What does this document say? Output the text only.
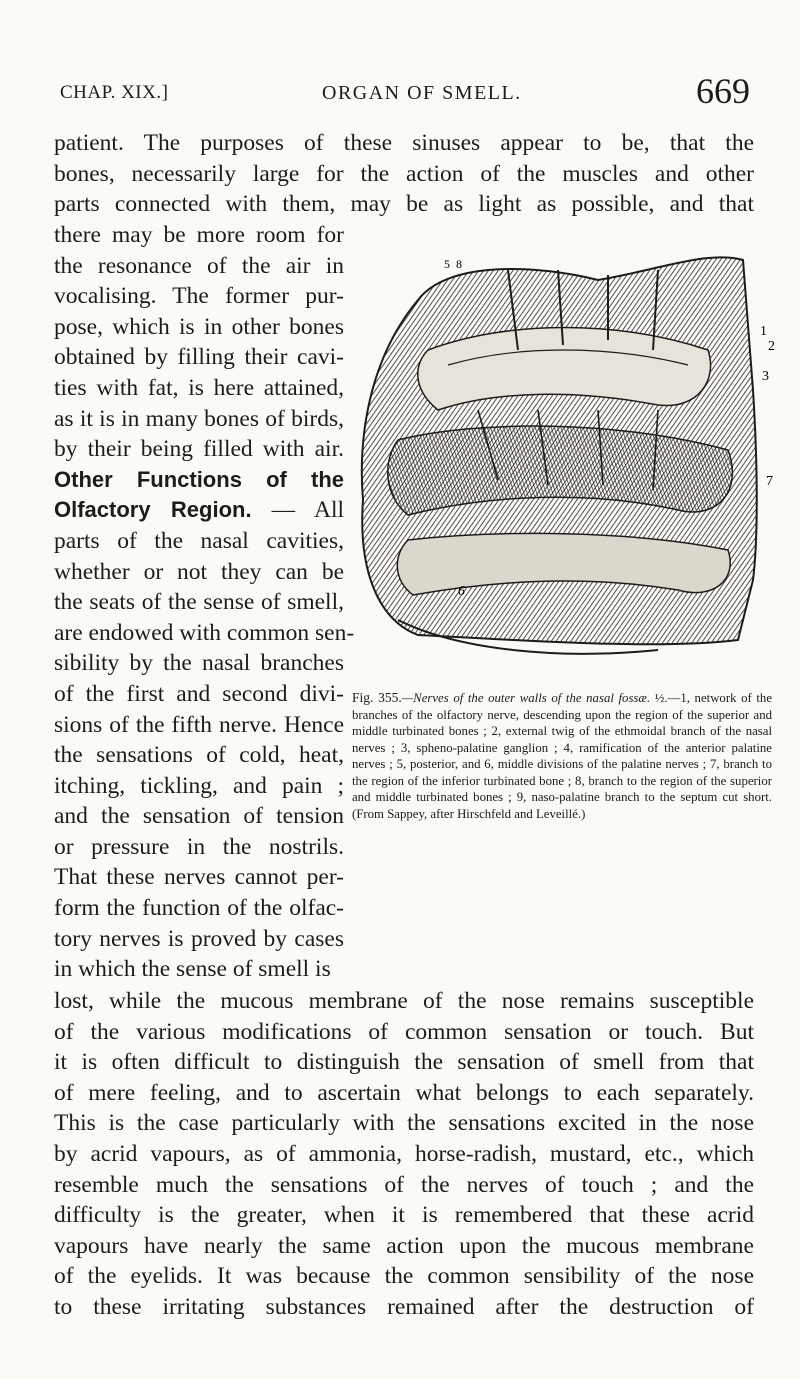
CHAP. XIX.]	ORGAN OF SMELL.	669
patient. The purposes of these sinuses appear to be, that the
bones, necessarily large for the action of the muscles and other
parts connected with them, may be as light as possible, and that
there may be more room for
the resonance of the air in
vocalising. The former pur-
pose, which is in other bones
obtained by filling their cavi-
ties with fat, is here attained,
as it is in many bones of birds,
by their being filled with air.
Other Functions of the
Olfactory Region. — All
parts of the nasal cavities,
whether or not they can be
the seats of the sense of smell,
are endowed with common sen-
sibility by the nasal branches
of the first and second divi-
sions of the fifth nerve. Hence
the sensations of cold, heat,
itching, tickling, and pain ;
and the sensation of tension
or pressure in the nostrils.
That these nerves cannot per-
form the function of the olfac-
tory nerves is proved by cases
in which the sense of smell is
5 8
1
2
3
7
6
Fig. 355.—Nerves of the outer walls of the nasal fossæ. ½.—1, network of the branches of the olfactory nerve, descending upon the region of the superior and middle turbinated bones ; 2, external twig of the ethmoidal branch of the nasal nerves ; 3, spheno-palatine ganglion ; 4, ramification of the anterior palatine nerves ; 5, posterior, and 6, middle divisions of the palatine nerves ; 7, branch to the region of the inferior turbinated bone ; 8, branch to the region of the superior and middle turbinated bones ; 9, naso-palatine branch to the septum cut short. (From Sappey, after Hirschfeld and Leveillé.)
lost, while the mucous membrane of the nose remains susceptible
of the various modifications of common sensation or touch. But
it is often difficult to distinguish the sensation of smell from that
of mere feeling, and to ascertain what belongs to each separately.
This is the case particularly with the sensations excited in the nose
by acrid vapours, as of ammonia, horse-radish, mustard, etc., which
resemble much the sensations of the nerves of touch ; and the
difficulty is the greater, when it is remembered that these acrid
vapours have nearly the same action upon the mucous membrane
of the eyelids. It was because the common sensibility of the nose
to these irritating substances remained after the destruction of
